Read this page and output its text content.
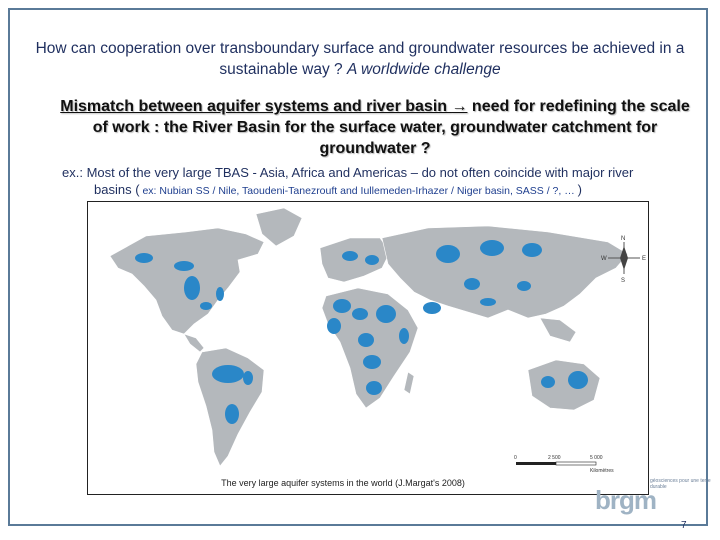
How can cooperation over transboundary surface and groundwater resources be achieved in a sustainable way ? A worldwide challenge
Mismatch between aquifer systems and river basin → need for redefining the scale of work : the River Basin for the surface water, groundwater catchment for groundwater ?
ex.: Most of the very large TBAS - Asia, Africa and Americas – do not often coincide with major river
basins ( ex: Nubian SS / Nile, Taoudeni-Tanezrouft and Iullemeden-Irhazer / Niger basin, SASS / ?, … )
N
S
E
W
0	2 500	5 000
Kilomètres
The very large aquifer systems in the world (J.Margat's 2008)	géosciences pour une terre durable
brgm
7
